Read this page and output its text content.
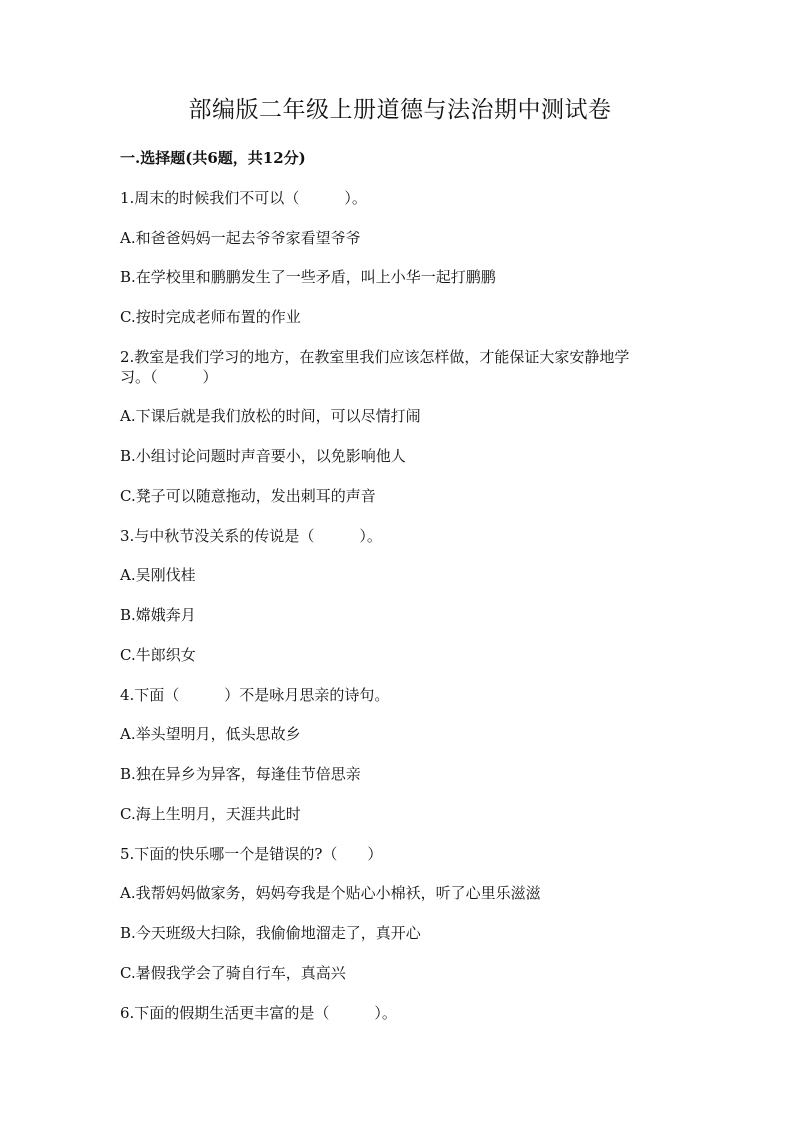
部编版二年级上册道德与法治期中测试卷
一.选择题(共6题，共12分)
1.周末的时候我们不可以（　　　）。
A.和爸爸妈妈一起去爷爷家看望爷爷
B.在学校里和鹏鹏发生了一些矛盾，叫上小华一起打鹏鹏
C.按时完成老师布置的作业
2.教室是我们学习的地方，在教室里我们应该怎样做，才能保证大家安静地学
习。（　　　）
A.下课后就是我们放松的时间，可以尽情打闹
B.小组讨论问题时声音要小，以免影响他人
C.凳子可以随意拖动，发出刺耳的声音
3.与中秋节没关系的传说是（　　　）。
A.吴刚伐桂
B.嫦娥奔月
C.牛郎织女
4.下面（　　　）不是咏月思亲的诗句。
A.举头望明月，低头思故乡
B.独在异乡为异客，每逢佳节倍思亲
C.海上生明月，天涯共此时
5.下面的快乐哪一个是错误的?（　　）
A.我帮妈妈做家务，妈妈夸我是个贴心小棉袄，听了心里乐滋滋
B.今天班级大扫除，我偷偷地溜走了，真开心
C.暑假我学会了骑自行车，真高兴
6.下面的假期生活更丰富的是（　　　）。
